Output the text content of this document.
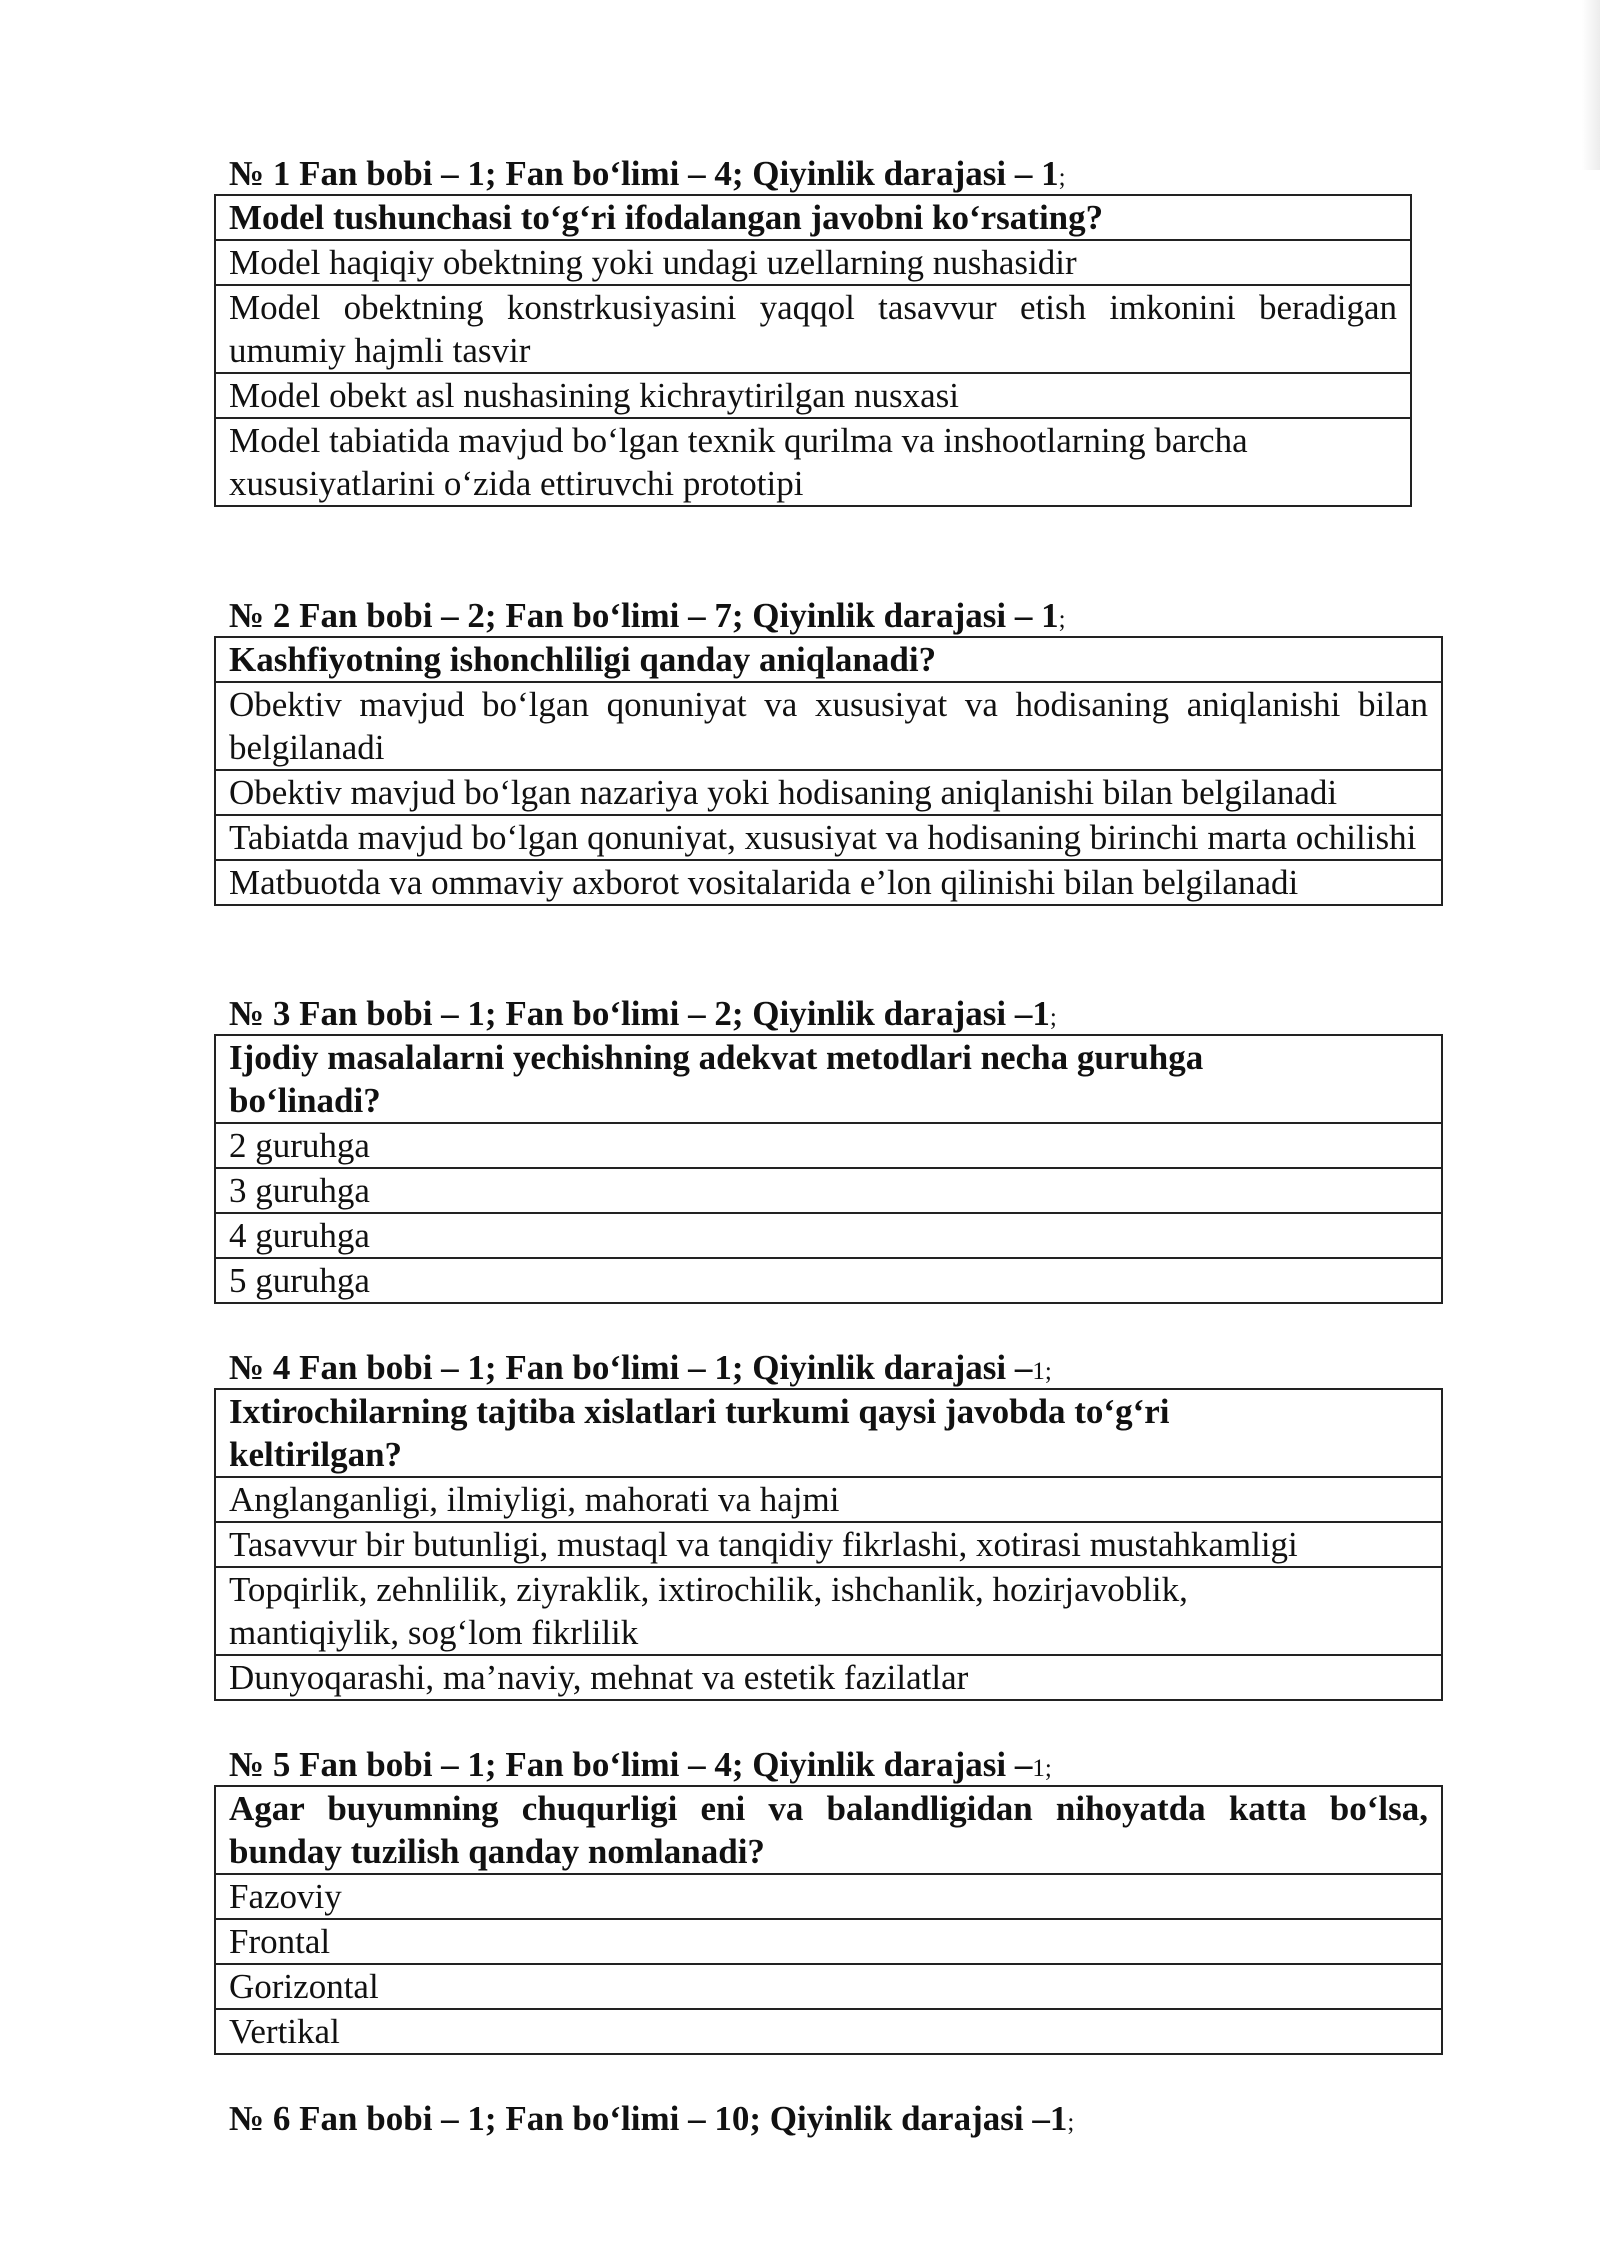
№ 1 Fan bobi – 1; Fan bo‘limi – 4; Qiyinlik darajasi – 1;

Model tushunchasi to‘g‘ri ifodalangan javobni ko‘rsating?
Model haqiqiy obektning yoki undagi uzellarning nushasidir
Model obektning konstrkusiyasini yaqqol tasavvur etish imkonini beradigan umumiy hajmli tasvir
Model obekt asl nushasining kichraytirilgan nusxasi
Model tabiatida mavjud bo‘lgan texnik qurilma va inshootlarning barcha xususiyatlarini o‘zida ettiruvchi prototipi

№ 2 Fan bobi – 2; Fan bo‘limi – 7; Qiyinlik darajasi – 1;

Kashfiyotning ishonchliligi qanday aniqlanadi?
Obektiv mavjud bo‘lgan qonuniyat va xususiyat va hodisaning aniqlanishi bilan belgilanadi
Obektiv mavjud bo‘lgan nazariya yoki hodisaning aniqlanishi bilan belgilanadi
Tabiatda mavjud bo‘lgan qonuniyat, xususiyat va hodisaning birinchi marta ochilishi
Matbuotda va ommaviy axborot vositalarida e’lon qilinishi bilan belgilanadi

№ 3 Fan bobi – 1; Fan bo‘limi – 2; Qiyinlik darajasi –1;

Ijodiy masalalarni yechishning adekvat metodlari necha guruhga bo‘linadi?
2 guruhga
3 guruhga
4 guruhga
5 guruhga

№ 4 Fan bobi – 1; Fan bo‘limi – 1; Qiyinlik darajasi –1;

Ixtirochilarning tajtiba xislatlari turkumi qaysi javobda to‘g‘ri keltirilgan?
Anglanganligi, ilmiyligi, mahorati va hajmi
Tasavvur bir butunligi, mustaql va tanqidiy fikrlashi, xotirasi mustahkamligi
Topqirlik, zehnlilik, ziyraklik, ixtirochilik, ishchanlik, hozirjavoblik, mantiqiylik, sog‘lom fikrlilik
Dunyoqarashi, ma’naviy, mehnat va estetik fazilatlar

№ 5 Fan bobi – 1; Fan bo‘limi – 4; Qiyinlik darajasi –1;

Agar buyumning chuqurligi eni va balandligidan nihoyatda katta bo‘lsa, bunday tuzilish qanday nomlanadi?
Fazoviy
Frontal
Gorizontal
Vertikal

№ 6 Fan bobi – 1; Fan bo‘limi – 10; Qiyinlik darajasi –1;
